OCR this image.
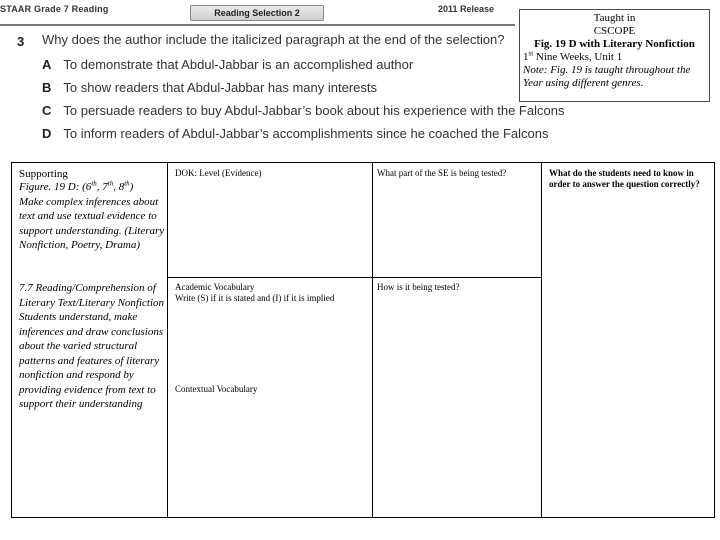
STAAR Grade 7 Reading	Reading Selection 2	2011 Release
3 Why does the author include the italicized paragraph at the end of the selection?
A To demonstrate that Abdul-Jabbar is an accomplished author
B To show readers that Abdul-Jabbar has many interests
C To persuade readers to buy Abdul-Jabbar’s book about his experience with the Falcons
D To inform readers of Abdul-Jabbar’s accomplishments since he coached the Falcons
Taught in
CSCOPE
Fig. 19 D with Literary Nonfiction
1st Nine Weeks, Unit 1
Note: Fig. 19 is taught throughout the Year using different genres.
Supporting
Figure. 19 D: (6th, 7th, 8th)
Make complex inferences about text and use textual evidence to support understanding. (Literary Nonfiction, Poetry, Drama)
7.7 Reading/Comprehension of Literary Text/Literary Nonfiction
Students understand, make inferences and draw conclusions about the varied structural patterns and features of literary nonfiction and respond by providing evidence from text to support their understanding
DOK: Level (Evidence)
Academic Vocabulary
Write (S) if it is stated and (I) if it is implied
Contextual Vocabulary
What part of the SE is being tested?
How is it being tested?
What do the students need to know in order to answer the question correctly?
